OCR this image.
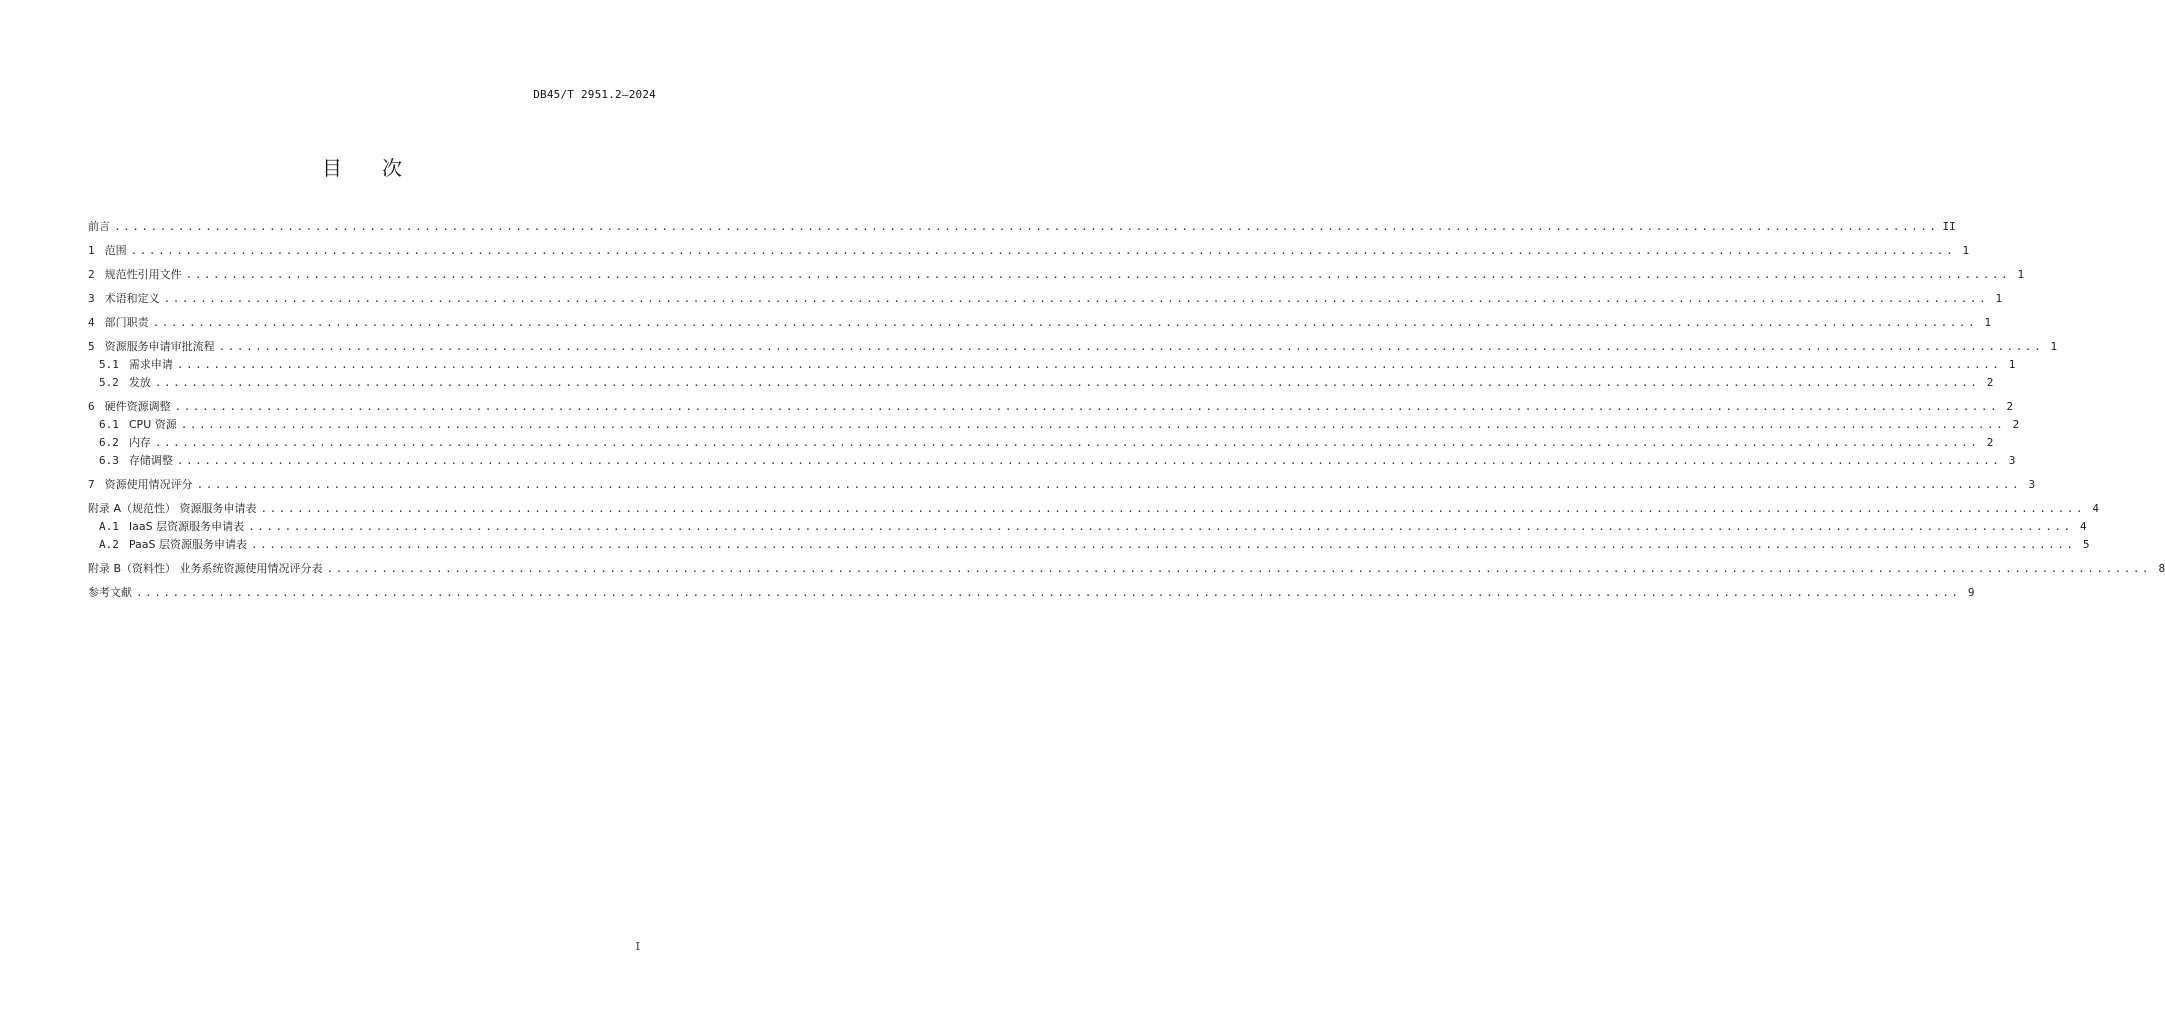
DB45/T 2951.2—2024
目 次
前言 ........................................................................................................................................................................................................ II
1 范围 ........................................................................................................................................................................................................ 1
2 规范性引用文件 ........................................................................................................................................................................................................ 1
3 术语和定义 ........................................................................................................................................................................................................ 1
4 部门职责 ........................................................................................................................................................................................................ 1
5 资源服务申请审批流程 ........................................................................................................................................................................................................ 1
5.1 需求申请 ........................................................................................................................................................................................................ 1
5.2 发放 ........................................................................................................................................................................................................ 2
6 硬件资源调整 ........................................................................................................................................................................................................ 2
6.1 CPU 资源 ........................................................................................................................................................................................................ 2
6.2 内存 ........................................................................................................................................................................................................ 2
6.3 存储调整 ........................................................................................................................................................................................................ 3
7 资源使用情况评分 ........................................................................................................................................................................................................ 3
附录 A（规范性） 资源服务申请表 ........................................................................................................................................................................................................ 4
A.1 IaaS 层资源服务申请表 ........................................................................................................................................................................................................ 4
A.2 PaaS 层资源服务申请表 ........................................................................................................................................................................................................ 5
附录 B（资料性） 业务系统资源使用情况评分表 ........................................................................................................................................................................................................ 8
参考文献 ........................................................................................................................................................................................................ 9
I
